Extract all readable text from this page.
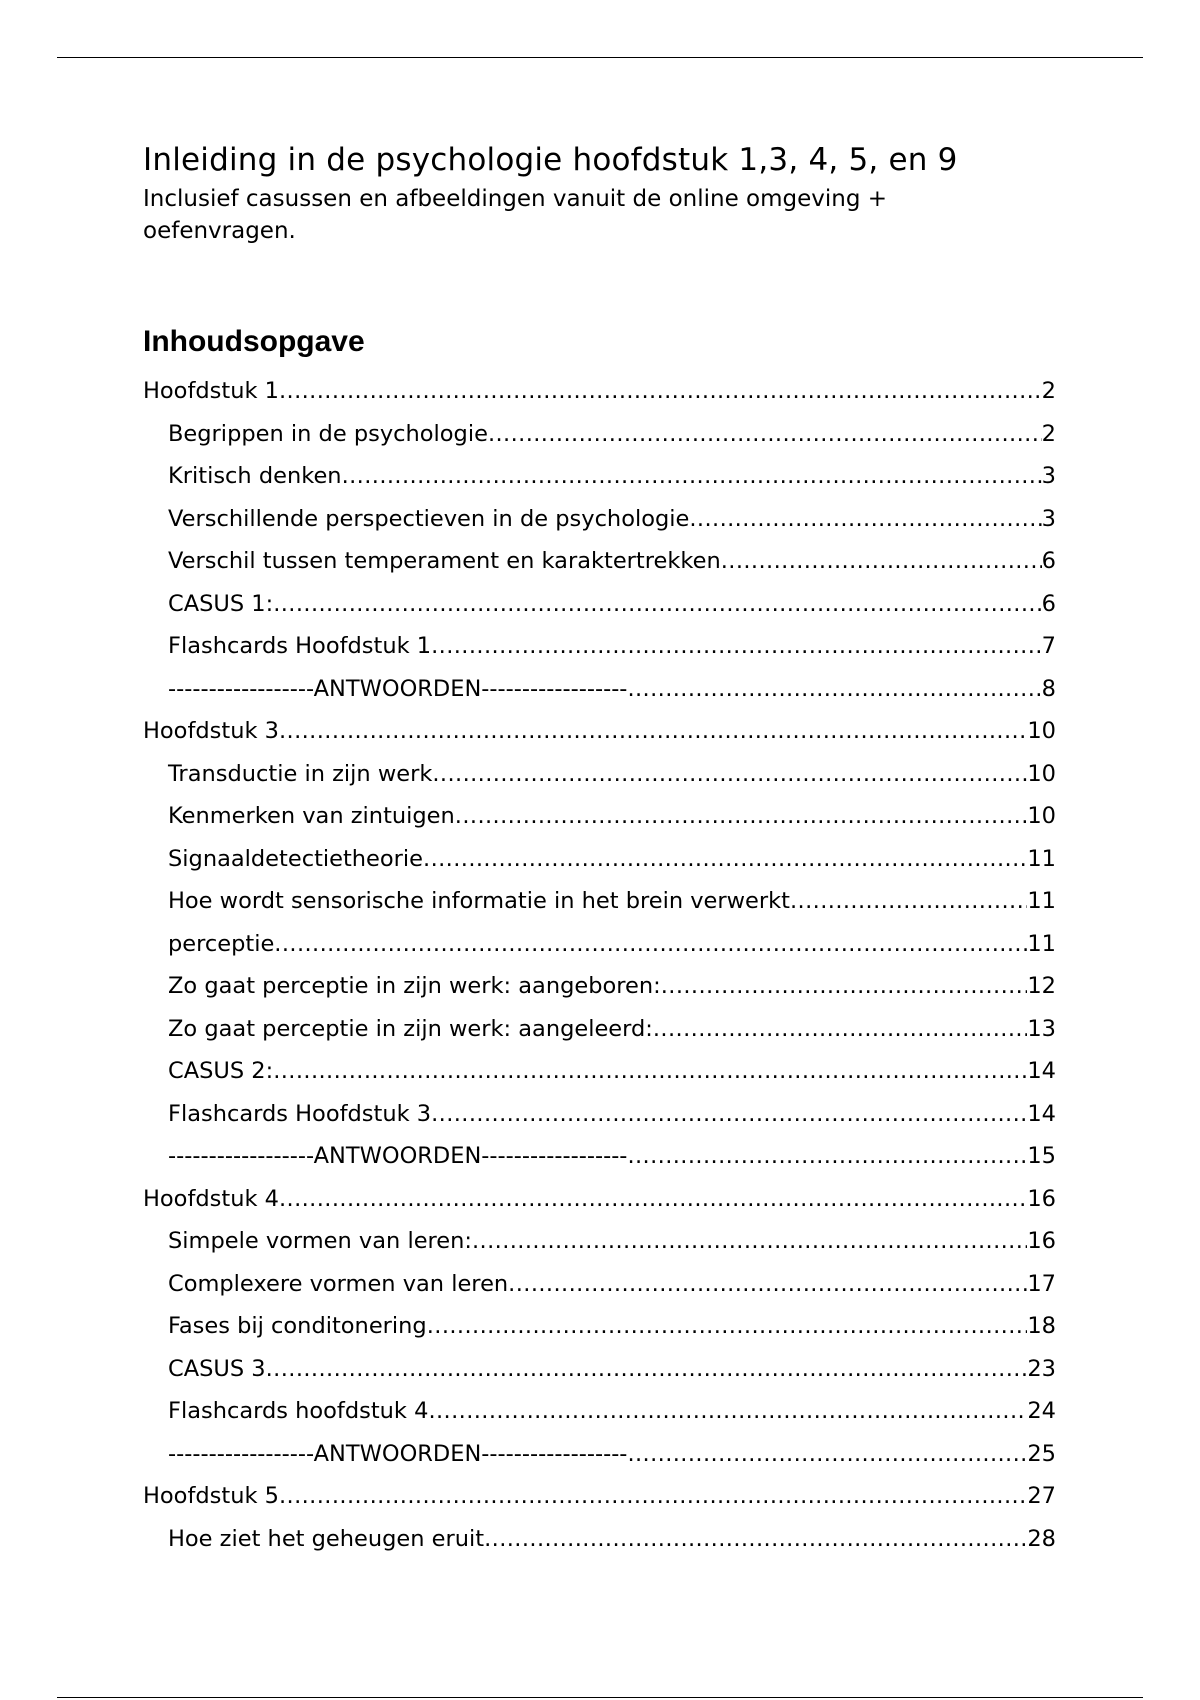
Inleiding in de psychologie hoofdstuk 1,3, 4, 5, en 9

Inclusief casussen en afbeeldingen vanuit de online omgeving + oefenvragen.

Inhoudsopgave
Hoofdstuk 1 .....	2
Begrippen in de psychologie .....	2
Kritisch denken .....	3
Verschillende perspectieven in de psychologie .....	3
Verschil tussen temperament en karaktertrekken .....	6
CASUS 1: .....	6
Flashcards Hoofdstuk 1 .....	7
------------------ANTWOORDEN------------------ .....	8
Hoofdstuk 3 .....	10
Transductie in zijn werk .....	10
Kenmerken van zintuigen .....	10
Signaaldetectietheorie .....	11
Hoe wordt sensorische informatie in het brein verwerkt .....	11
perceptie .....	11
Zo gaat perceptie in zijn werk: aangeboren: .....	12
Zo gaat perceptie in zijn werk: aangeleerd: .....	13
CASUS 2: .....	14
Flashcards Hoofdstuk 3 .....	14
------------------ANTWOORDEN------------------ .....	15
Hoofdstuk 4 .....	16
Simpele vormen van leren: .....	16
Complexere vormen van leren .....	17
Fases bij conditonering .....	18
CASUS 3 .....	23
Flashcards hoofdstuk 4 .....	24
------------------ANTWOORDEN------------------ .....	25
Hoofdstuk 5 .....	27
Hoe ziet het geheugen eruit .....	28
